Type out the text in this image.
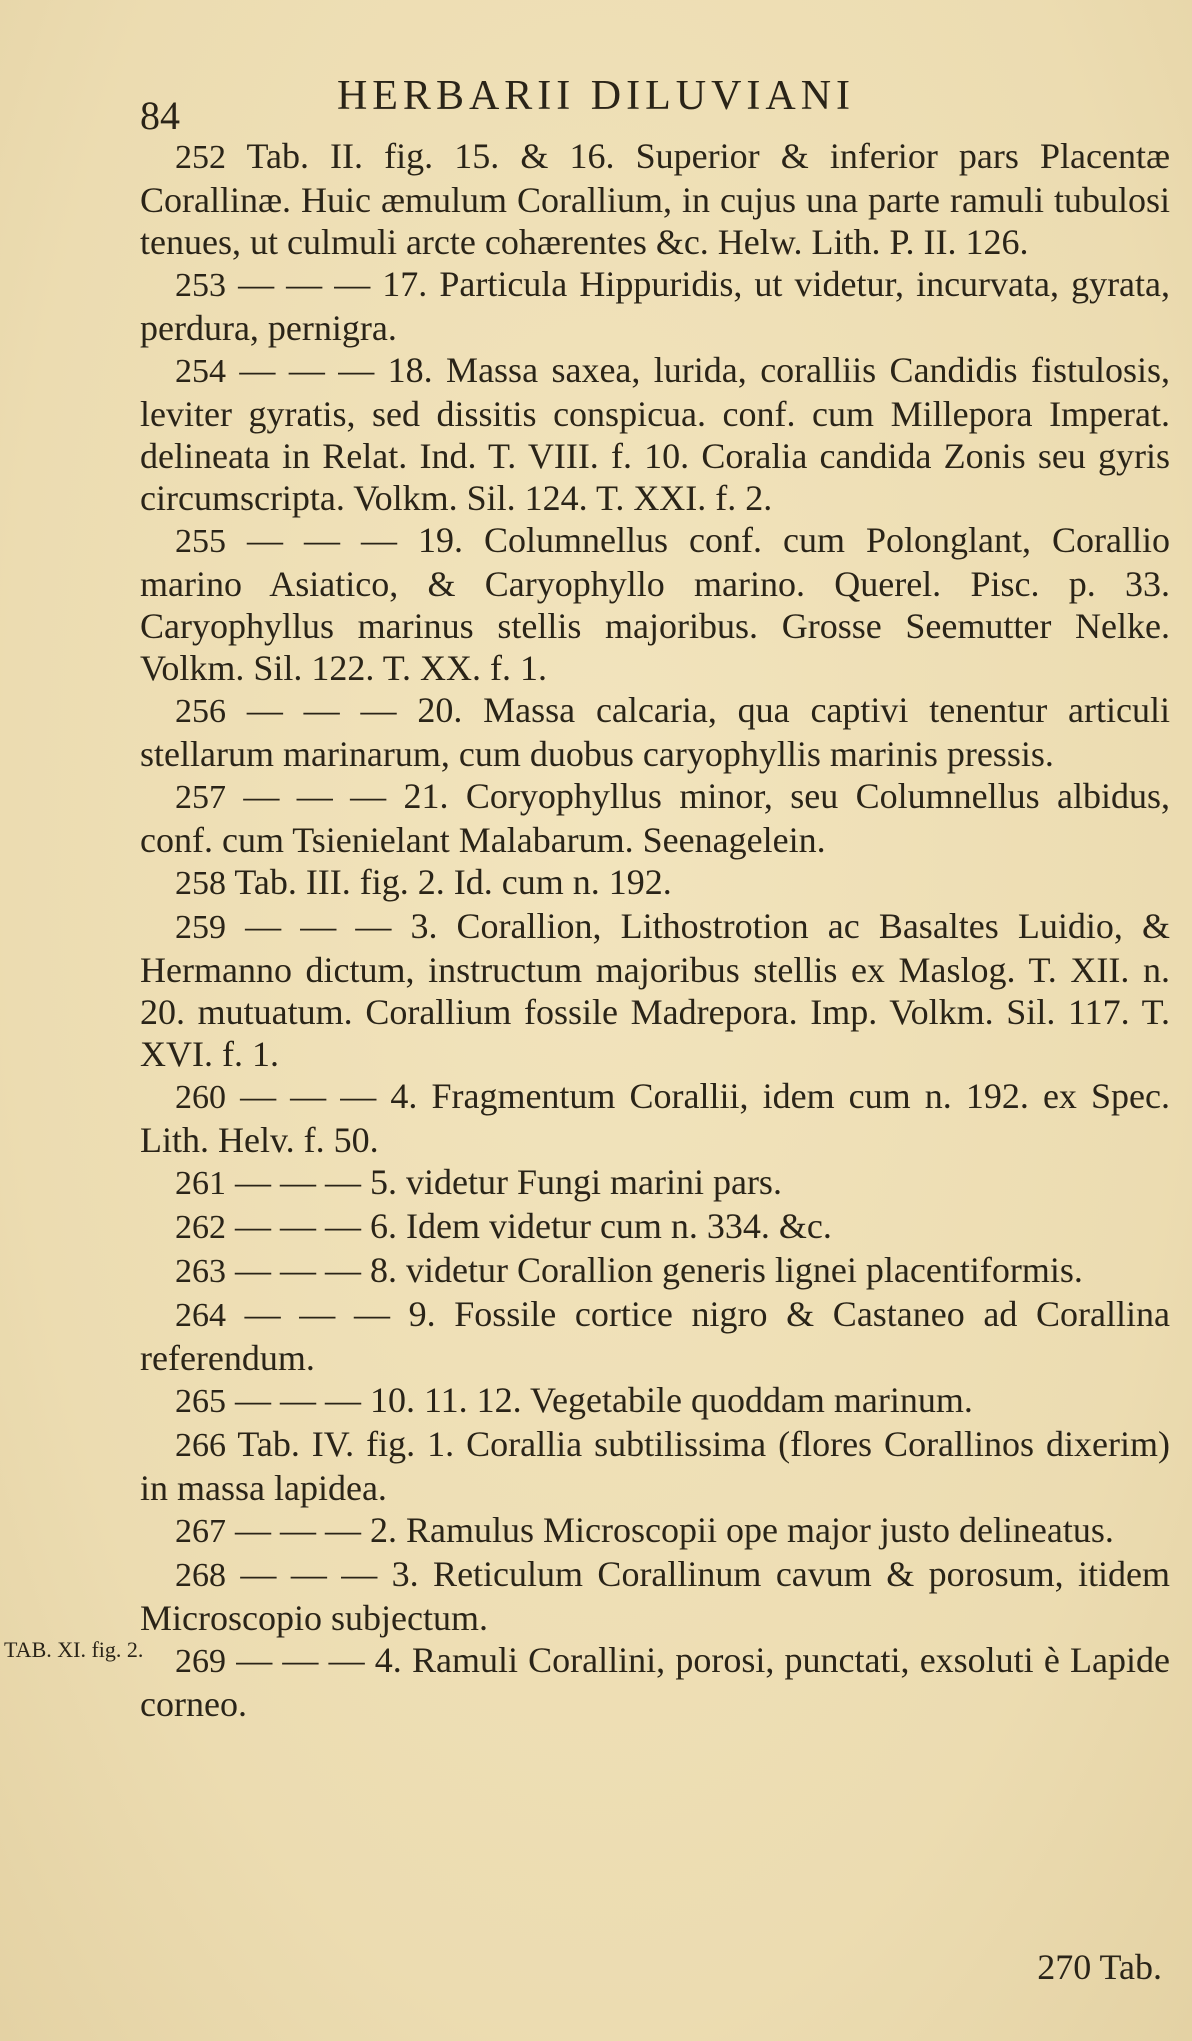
84	HERBARII DILUVIANI

252 Tab. II. fig. 15. & 16. Superior & inferior pars Placentæ Corallinæ. Huic æmulum Corallium, in cujus una parte ramuli tubulosi tenues, ut culmuli arcte cohærentes &c. Helw. Lith. P. II. 126.

253 — — — 17. Particula Hippuridis, ut videtur, incurvata, gyrata, perdura, pernigra.

254 — — — 18. Massa saxea, lurida, coralliis Candidis fistulosis, leviter gyratis, sed dissitis conspicua. conf. cum Millepora Imperat. delineata in Relat. Ind. T. VIII. f. 10. Coralia candida Zonis seu gyris circumscripta. Volkm. Sil. 124. T. XXI. f. 2.

255 — — — 19. Columnellus conf. cum Polonglant, Corallio marino Asiatico, & Caryophyllo marino. Querel. Pisc. p. 33. Caryophyllus marinus stellis majoribus. Grosse Seemutter Nelke. Volkm. Sil. 122. T. XX. f. 1.

256 — — — 20. Massa calcaria, qua captivi tenentur articuli stellarum marinarum, cum duobus caryophyllis marinis pressis.

257 — — — 21. Coryophyllus minor, seu Columnellus albidus, conf. cum Tsienielant Malabarum. Seenagelein.

258 Tab. III. fig. 2. Id. cum n. 192.

259 — — — 3. Corallion, Lithostrotion ac Basaltes Luidio, & Hermanno dictum, instructum majoribus stellis ex Maslog. T. XII. n. 20. mutuatum. Corallium fossile Madrepora. Imp. Volkm. Sil. 117. T. XVI. f. 1.

260 — — — 4. Fragmentum Corallii, idem cum n. 192. ex Spec. Lith. Helv. f. 50.

261 — — — 5. videtur Fungi marini pars.

262 — — — 6. Idem videtur cum n. 334. &c.

263 — — — 8. videtur Corallion generis lignei placentiformis.

264 — — — 9. Fossile cortice nigro & Castaneo ad Corallina referendum.

265 — — — 10. 11. 12. Vegetabile quoddam marinum.

266 Tab. IV. fig. 1. Corallia subtilissima (flores Corallinos dixerim) in massa lapidea.

267 — — — 2. Ramulus Microscopii ope major justo delineatus.

268 — — — 3. Reticulum Corallinum cavum & porosum, itidem Microscopio subjectum.

269 — — — 4. Ramuli Corallini, porosi, punctati, exsoluti è Lapide corneo.

TAB. XI. fig. 2.
270 Tab.
